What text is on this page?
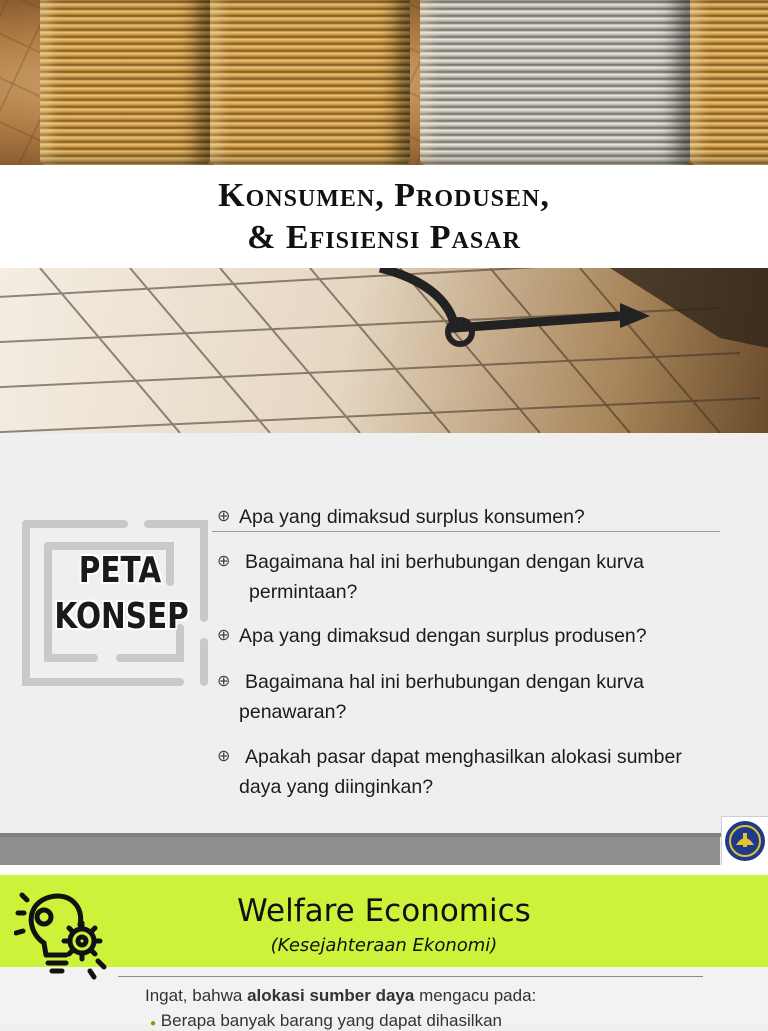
Konsumen, Produsen,
& Efisiensi Pasar
PETA
KONSEP
⊕ Apa yang dimaksud surplus konsumen?
⊕ Bagaimana hal ini berhubungan dengan kurva
permintaan?
⊕ Apa yang dimaksud dengan surplus produsen?
⊕ Bagaimana hal ini berhubungan dengan kurva
penawaran?
⊕ Apakah pasar dapat menghasilkan alokasi sumber
daya yang diinginkan?
Welfare Economics
(Kesejahteraan Ekonomi)
Ingat, bahwa alokasi sumber daya mengacu pada:
● Berapa banyak barang yang dapat dihasilkan
